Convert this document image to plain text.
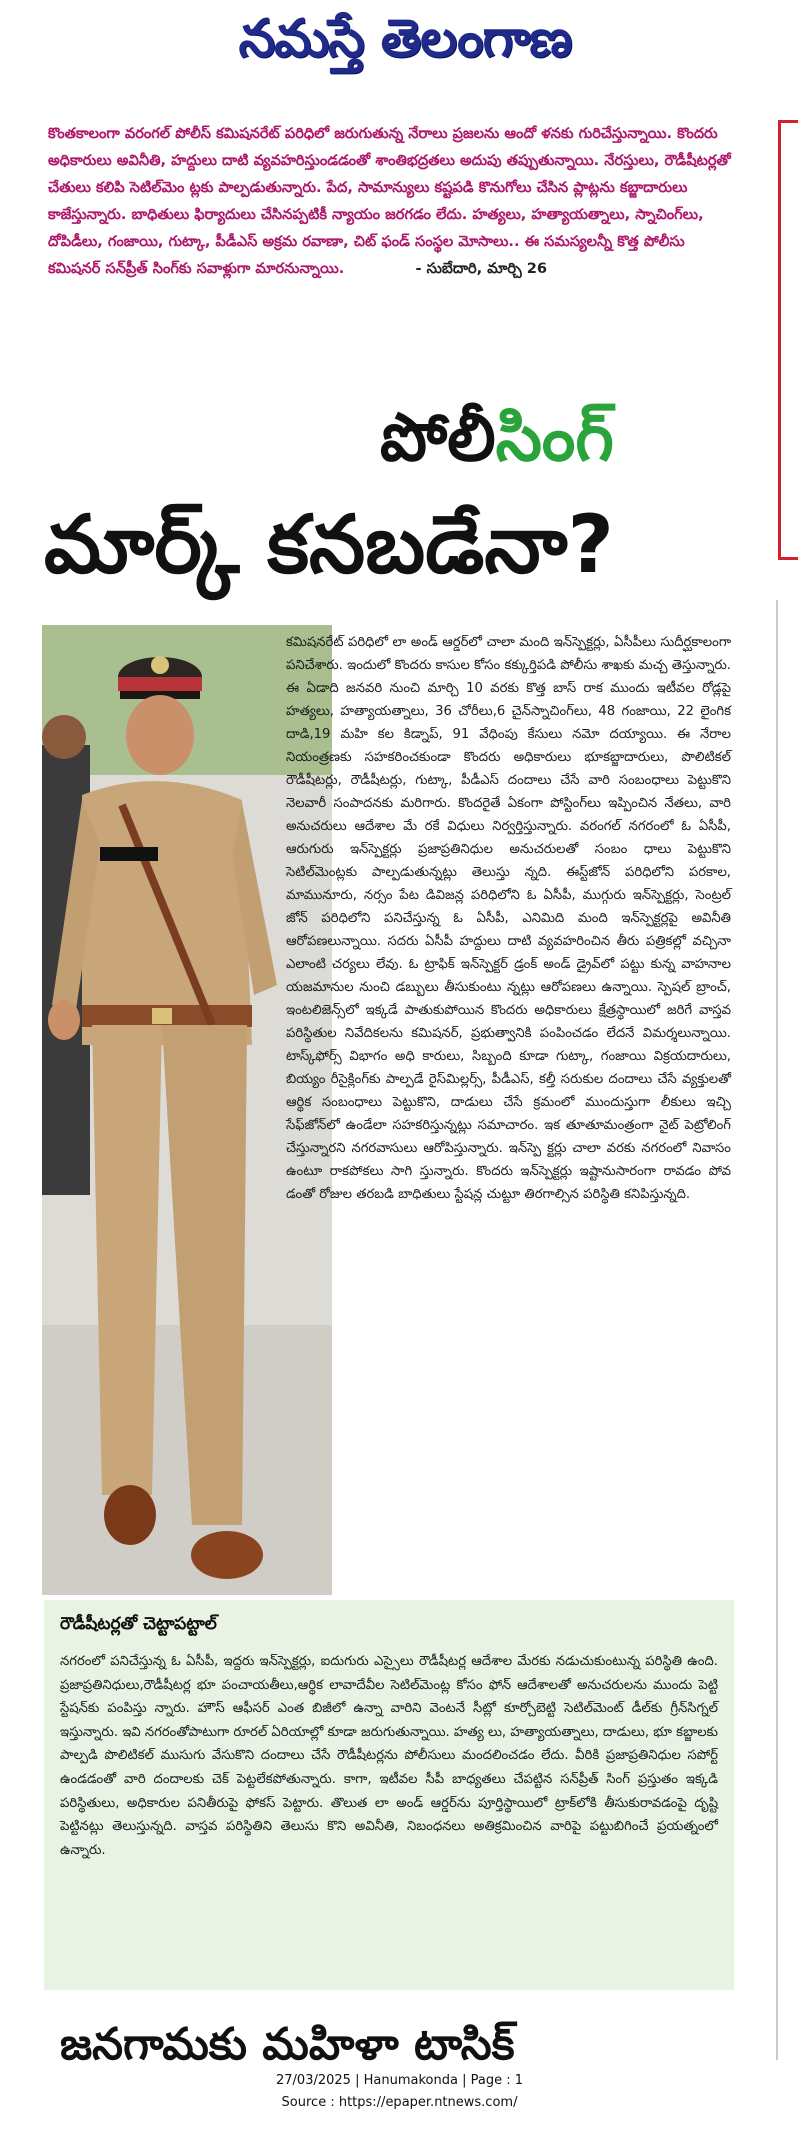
నమస్తే తెలంగాణ
కొంతకాలంగా వరంగల్ పోలీస్ కమిషనరేట్ పరిధిలో జరుగుతున్న నేరాలు ప్రజలను ఆందో ళనకు గురిచేస్తున్నాయి. కొందరు అధికారులు అవినీతి, హద్దులు దాటి వ్యవహరిస్తుండడంతో శాంతిభద్రతలు అదుపు తప్పుతున్నాయి. నేరస్తులు, రౌడీషీటర్లతో చేతులు కలిపి సెటిల్‌మెం ట్లకు పాల్పడుతున్నారు. పేద, సామాన్యులు కష్టపడి కొనుగోలు చేసిన ప్లాట్లను కబ్జాదారులు కాజేస్తున్నారు. బాధితులు ఫిర్యాదులు చేసినప్పటికీ న్యాయం జరగడం లేదు. హత్యలు, హత్యాయత్నాలు, స్నాచింగ్‌లు, దోపిడీలు, గంజాయి, గుట్కా, పీడీఎస్ అక్రమ రవాణా, చిట్ ఫండ్ సంస్థల మోసాలు.. ఈ సమస్యలన్నీ కొత్త పోలీసు కమిషనర్ సన్‌ప్రీత్ సింగ్‌కు సవాళ్లుగా మారనున్నాయి.	- సుబేదారి, మార్చి 26
పోలీసింగ్
మార్క్ కనబడేనా?
కమిషనరేట్ పరిధిలో లా అండ్ ఆర్డర్‌లో చాలా మంది ఇన్‌స్పెక్టర్లు, ఏసీపీలు సుదీర్ఘకాలంగా పనిచేశారు. ఇందులో కొందరు కాసుల కోసం కక్కుర్తిపడి పోలీసు శాఖకు మచ్చ తెస్తున్నారు. ఈ ఏడాది జనవరి నుంచి మార్చి 10 వరకు కొత్త బాస్ రాక ముందు ఇటీవల రోడ్లపై హత్యలు, హత్యాయత్నాలు, 36 చోరీలు,6 చైన్‌స్నాచింగ్‌లు, 48 గంజాయి, 22 లైంగిక దాడి,19 మహి కల కిడ్నాప్, 91 వేధింపు కేసులు నమో దయ్యాయి. ఈ నేరాల నియంత్రణకు సహకరించకుండా కొందరు అధికారులు భూకబ్జాదారులు, పొలిటికల్ రౌడీషీటర్లు, రౌడీషీటర్లు, గుట్కా, పీడీఎస్ దందాలు చేసే వారి సంబంధాలు పెట్టుకొని నెలవారీ సంపాదనకు మరిగారు. కొందరైతే ఏకంగా పోస్టింగ్‌లు ఇప్పించిన నేతలు, వారి అనుచరులు ఆదేశాల మే రకే విధులు నిర్వర్తిస్తున్నారు. వరంగల్ నగరంలో ఓ ఏసీపీ, ఆరుగురు ఇన్‌స్పెక్టర్లు ప్రజాప్రతినిధుల అనుచరులతో సంబం ధాలు పెట్టుకొని సెటిల్‌మెంట్లకు పాల్పడుతున్నట్లు తెలుస్తు న్నది. ఈస్ట్‌జోన్ పరిధిలోని పరకాల, మామునూరు, నర్సం పేట డివిజన్ల పరిధిలోని ఓ ఏసీపీ, ముగ్గురు ఇన్‌స్పెక్టర్లు, సెంట్రల్ జోన్ పరిధిలోని పనిచేస్తున్న ఓ ఏసీపీ, ఎనిమిది మంది ఇన్‌స్పెక్టర్లపై అవినీతి ఆరోపణలున్నాయి. సదరు ఏసీపీ హద్దులు దాటి వ్యవహరించిన తీరు పత్రికల్లో వచ్చినా ఎలాంటి చర్యలు లేవు. ఓ ట్రాఫిక్ ఇన్‌స్పెక్టర్ డ్రంక్ అండ్ డ్రైవ్‌లో పట్టు కున్న వాహనాల యజమానుల నుంచి డబ్బులు తీసుకుంటు న్నట్లు ఆరోపణలు ఉన్నాయి. స్పెషల్ బ్రాంచ్, ఇంటలిజెన్స్‌లో ఇక్కడే పాతుకుపోయిన కొందరు అధికారులు క్షేత్రస్థాయిలో జరిగే వాస్తవ పరిస్థితుల నివేదికలను కమిషనర్, ప్రభుత్వానికి పంపించడం లేదనే విమర్శలున్నాయి. టాస్క్‌ఫోర్స్ విభాగం అధి కారులు, సిబ్బంది కూడా గుట్కా, గంజాయి విక్రయదారులు, బియ్యం రీసైక్లింగ్‌కు పాల్పడే రైస్‌మిల్లర్స్, పీడీఎస్, కల్తీ సరుకుల దందాలు చేసే వ్యక్తులతో ఆర్థిక సంబంధాలు పెట్టుకొని, దాడులు చేసే క్రమంలో ముందుస్తుగా లీకులు ఇచ్చి సేఫ్‌జోన్‌లో ఉండేలా సహకరిస్తున్నట్లు సమాచారం. ఇక తూతూమంత్రంగా నైట్ పెట్రోలింగ్ చేస్తున్నారని నగరవాసులు ఆరోపిస్తున్నారు. ఇన్‌స్పె క్టర్లు చాలా వరకు నగరంలో నివాసం ఉంటూ రాకపోకలు సాగి స్తున్నారు. కొందరు ఇన్‌స్పెక్టర్లు ఇష్టానుసారంగా రావడం పోవ డంతో రోజుల తరబడి బాధితులు స్టేషన్ల చుట్టూ తిరగాల్సిన పరిస్థితి కనిపిస్తున్నది.
రౌడీషీటర్లతో చెట్టాపట్టాల్
నగరంలో పనిచేస్తున్న ఓ ఏసీపీ, ఇద్దరు ఇన్‌స్పెక్టర్లు, ఐదుగురు ఎస్సైలు రౌడీషీటర్ల ఆదేశాల మేరకు నడుచుకుంటున్న పరిస్థితి ఉంది. ప్రజాప్రతినిధులు,రౌడీషీటర్ల భూ పంచాయతీలు,ఆర్థిక లావాదేవీల సెటిల్‌మెంట్ల కోసం ఫోన్ ఆదేశాలతో అనుచరులను ముందు పెట్టి స్టేషన్‌కు పంపిస్తు న్నారు. హౌస్ ఆఫీసర్ ఎంత బిజీలో ఉన్నా వారిని వెంటనే సీట్లో కూర్చోబెట్టి సెటిల్‌మెంట్ డీల్‌కు గ్రీన్‌సిగ్నల్ ఇస్తున్నారు. ఇవి నగరంతోపాటుగా రూరల్ ఏరియాల్లో కూడా జరుగుతున్నాయి. హత్య లు, హత్యాయత్నాలు, దాడులు, భూ కబ్జాలకు పాల్పడి పొలిటికల్ ముసుగు వేసుకొని దందాలు చేసే రౌడీషీటర్లను పోలీసులు మందలించడం లేదు. వీరికి ప్రజాప్రతినిధుల సపోర్ట్ ఉండడంతో వారి దందాలకు చెక్ పెట్టలేకపోతున్నారు. కాగా, ఇటీవల సీపీ బాధ్యతలు చేపట్టిన సన్‌ప్రీత్ సింగ్ ప్రస్తుతం ఇక్కడి పరిస్థితులు, అధికారుల పనితీరుపై ఫోకస్ పెట్టారు. తొలుత లా అండ్ ఆర్డర్‌ను పూర్తిస్థాయిలో ట్రాక్‌లోకి తీసుకురావడంపై దృష్టి పెట్టినట్లు తెలుస్తున్నది. వాస్తవ పరిస్థితిని తెలుసు కొని అవినీతి, నిబంధనలు అతిక్రమించిన వారిపై పట్టుబిగించే ప్రయత్నంలో ఉన్నారు.
జనగామకు మహిళా టాసిక్
27/03/2025 | Hanumakonda | Page : 1
Source : https://epaper.ntnews.com/
